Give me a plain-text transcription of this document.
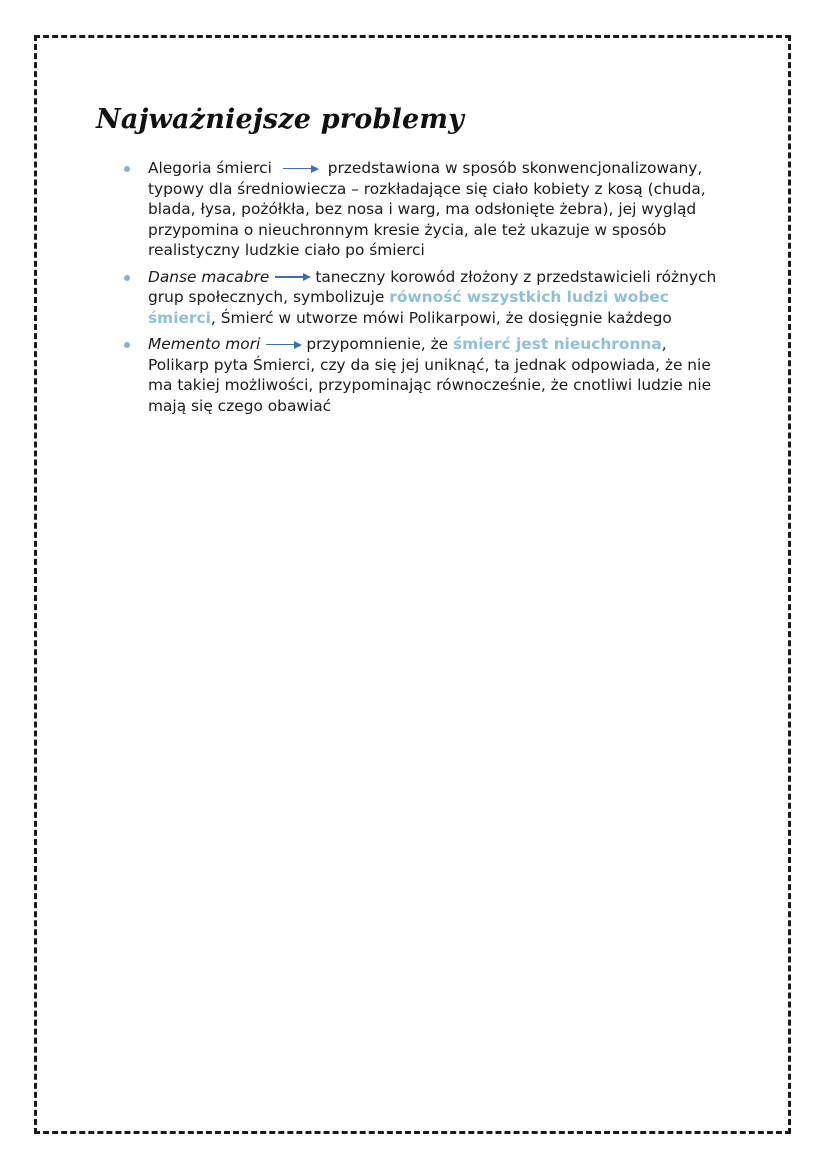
Najważniejsze problemy
Alegoria śmierci	przedstawiona w sposób skonwencjonalizowany, typowy dla średniowiecza – rozkładające się ciało kobiety z kosą (chuda, blada, łysa, pożółkła, bez nosa i warg, ma odsłonięte żebra), jej wygląd przypomina o nieuchronnym kresie życia, ale też ukazuje w sposób realistyczny ludzkie ciało po śmierci
Danse macabre	taneczny korowód złożony z przedstawicieli różnych grup społecznych, symbolizuje równość wszystkich ludzi wobec śmierci, Śmierć w utworze mówi Polikarpowi, że dosięgnie każdego
Memento mori	przypomnienie, że śmierć jest nieuchronna, Polikarp pyta Śmierci, czy da się jej uniknąć, ta jednak odpowiada, że nie ma takiej możliwości, przypominając równocześnie, że cnotliwi ludzie nie mają się czego obawiać
